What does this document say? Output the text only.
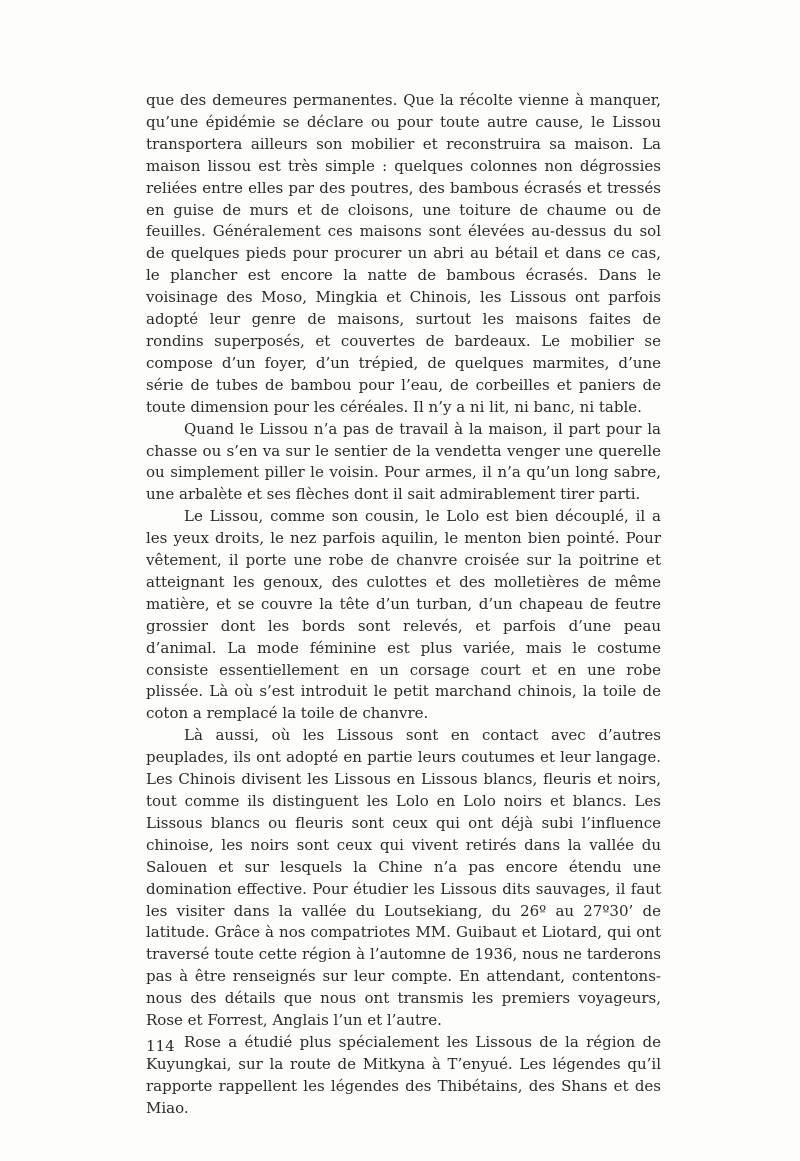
que des demeures permanentes. Que la récolte vienne à manquer, qu’une épidémie se déclare ou pour toute autre cause, le Lissou transportera ailleurs son mobilier et reconstruira sa maison. La maison lissou est très simple : quelques colonnes non dégrossies reliées entre elles par des poutres, des bambous écrasés et tressés en guise de murs et de cloisons, une toiture de chaume ou de feuilles. Généralement ces maisons sont élevées au-dessus du sol de quelques pieds pour procurer un abri au bétail et dans ce cas, le plancher est encore la natte de bambous écrasés. Dans le voisinage des Moso, Mingkia et Chinois, les Lissous ont parfois adopté leur genre de maisons, surtout les maisons faites de rondins superposés, et couvertes de bardeaux. Le mobilier se compose d’un foyer, d’un trépied, de quelques marmites, d’une série de tubes de bambou pour l’eau, de corbeilles et paniers de toute dimension pour les céréales. Il n’y a ni lit, ni banc, ni table.

Quand le Lissou n’a pas de travail à la maison, il part pour la chasse ou s’en va sur le sentier de la vendetta venger une querelle ou simplement piller le voisin. Pour armes, il n’a qu’un long sabre, une arbalète et ses flèches dont il sait admirablement tirer parti.

Le Lissou, comme son cousin, le Lolo est bien découplé, il a les yeux droits, le nez parfois aquilin, le menton bien pointé. Pour vêtement, il porte une robe de chanvre croisée sur la poitrine et atteignant les genoux, des culottes et des molletières de même matière, et se couvre la tête d’un turban, d’un chapeau de feutre grossier dont les bords sont relevés, et parfois d’une peau d’animal. La mode féminine est plus variée, mais le costume consiste essentiellement en un corsage court et en une robe plissée. Là où s’est introduit le petit marchand chinois, la toile de coton a remplacé la toile de chanvre.

Là aussi, où les Lissous sont en contact avec d’autres peuplades, ils ont adopté en partie leurs coutumes et leur langage. Les Chinois divisent les Lissous en Lissous blancs, fleuris et noirs, tout comme ils distinguent les Lolo en Lolo noirs et blancs. Les Lissous blancs ou fleuris sont ceux qui ont déjà subi l’influence chinoise, les noirs sont ceux qui vivent retirés dans la vallée du Salouen et sur lesquels la Chine n’a pas encore étendu une domination effective. Pour étudier les Lissous dits sauvages, il faut les visiter dans la vallée du Loutsekiang, du 26º au 27º30’ de latitude. Grâce à nos compatriotes MM. Guibaut et Liotard, qui ont traversé toute cette région à l’automne de 1936, nous ne tarderons pas à être renseignés sur leur compte. En attendant, contentons-nous des détails que nous ont transmis les premiers voyageurs, Rose et Forrest, Anglais l’un et l’autre.

Rose a étudié plus spécialement les Lissous de la région de Kuyungkai, sur la route de Mitkyna à T’enyué. Les légendes qu’il rapporte rappellent les légendes des Thibétains, des Shans et des Miao.

114
